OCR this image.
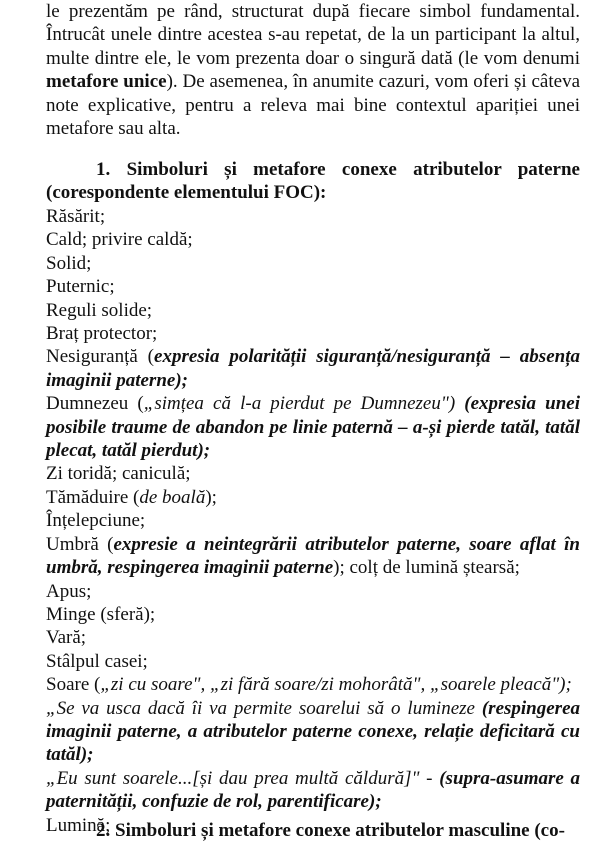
le prezentăm pe rând, structurat după fiecare simbol fundamental. Întrucât unele dintre acestea s-au repetat, de la un participant la altul, multe dintre ele, le vom prezenta doar o singură dată (le vom denumi metafore unice). De asemenea, în anumite cazuri, vom oferi și câteva note explicative, pentru a releva mai bine contextul apariției unei metafore sau alta.

1. Simboluri și metafore conexe atributelor paterne (corespondente elementului FOC):

Răsărit;
Cald; privire caldă;
Solid;
Puternic;
Reguli solide;
Braț protector;
Nesiguranță (expresia polarității siguranță/nesiguranță – absența imaginii paterne);
Dumnezeu („simțea că l-a pierdut pe Dumnezeu") (expresia unei posibile traume de abandon pe linie paternă – a-și pierde tatăl, tatăl plecat, tatăl pierdut);
Zi toridă; caniculă;
Tămăduire (de boală);
Înțelepciune;
Umbră (expresie a neintegrării atributelor paterne, soare aflat în umbră, respingerea imaginii paterne); colț de lumină ștearsă;
Apus;
Minge (sferă);
Vară;
Stâlpul casei;
Soare („zi cu soare", „zi fără soare/zi mohorâtă", „soarele pleacă");
„Se va usca dacă îi va permite soarelui să o lumineze (respingerea imaginii paterne, a atributelor paterne conexe, relație deficitară cu tatăl);
„Eu sunt soarele...[și dau prea multă căldură]" - (supra-asumare a paternității, confuzie de rol, parentificare);
Lumină;

2. Simboluri și metafore conexe atributelor masculine (co-
